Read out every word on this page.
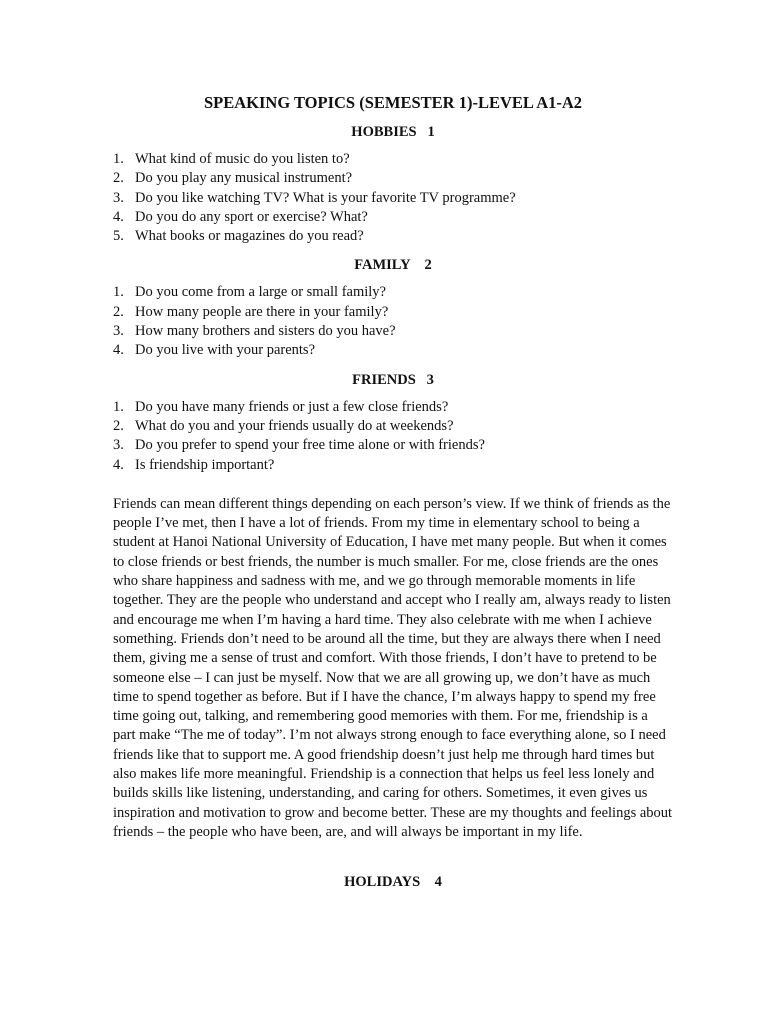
SPEAKING TOPICS (SEMESTER 1)-LEVEL A1-A2
HOBBIES   1
1. What kind of music do you listen to?
2. Do you play any musical instrument?
3. Do you like watching TV? What is your favorite TV programme?
4. Do you do any sport or exercise? What?
5. What books or magazines do you read?
FAMILY    2
1. Do you come from a large or small family?
2. How many people are there in your family?
3. How many brothers and sisters do you have?
4. Do you live with your parents?
FRIENDS   3
1. Do you have many friends or just a few close friends?
2. What do you and your friends usually do at weekends?
3. Do you prefer to spend your free time alone or with friends?
4. Is friendship important?

Friends can mean different things depending on each person’s view. If we think of friends as the people I’ve met, then I have a lot of friends. From my time in elementary school to being a student at Hanoi National University of Education, I have met many people. But when it comes to close friends or best friends, the number is much smaller. For me, close friends are the ones who share happiness and sadness with me, and we go through memorable moments in life together. They are the people who understand and accept who I really am, always ready to listen and encourage me when I’m having a hard time. They also celebrate with me when I achieve something. Friends don’t need to be around all the time, but they are always there when I need them, giving me a sense of trust and comfort. With those friends, I don’t have to pretend to be someone else – I can just be myself. Now that we are all growing up, we don’t have as much time to spend together as before. But if I have the chance, I’m always happy to spend my free time going out, talking, and remembering good memories with them. For me, friendship is a part make “The me of today”. I’m not always strong enough to face everything alone, so I need friends like that to support me. A good friendship doesn’t just help me through hard times but also makes life more meaningful. Friendship is a connection that helps us feel less lonely and builds skills like listening, understanding, and caring for others. Sometimes, it even gives us inspiration and motivation to grow and become better. These are my thoughts and feelings about friends – the people who have been, are, and will always be important in my life.

HOLIDAYS    4
